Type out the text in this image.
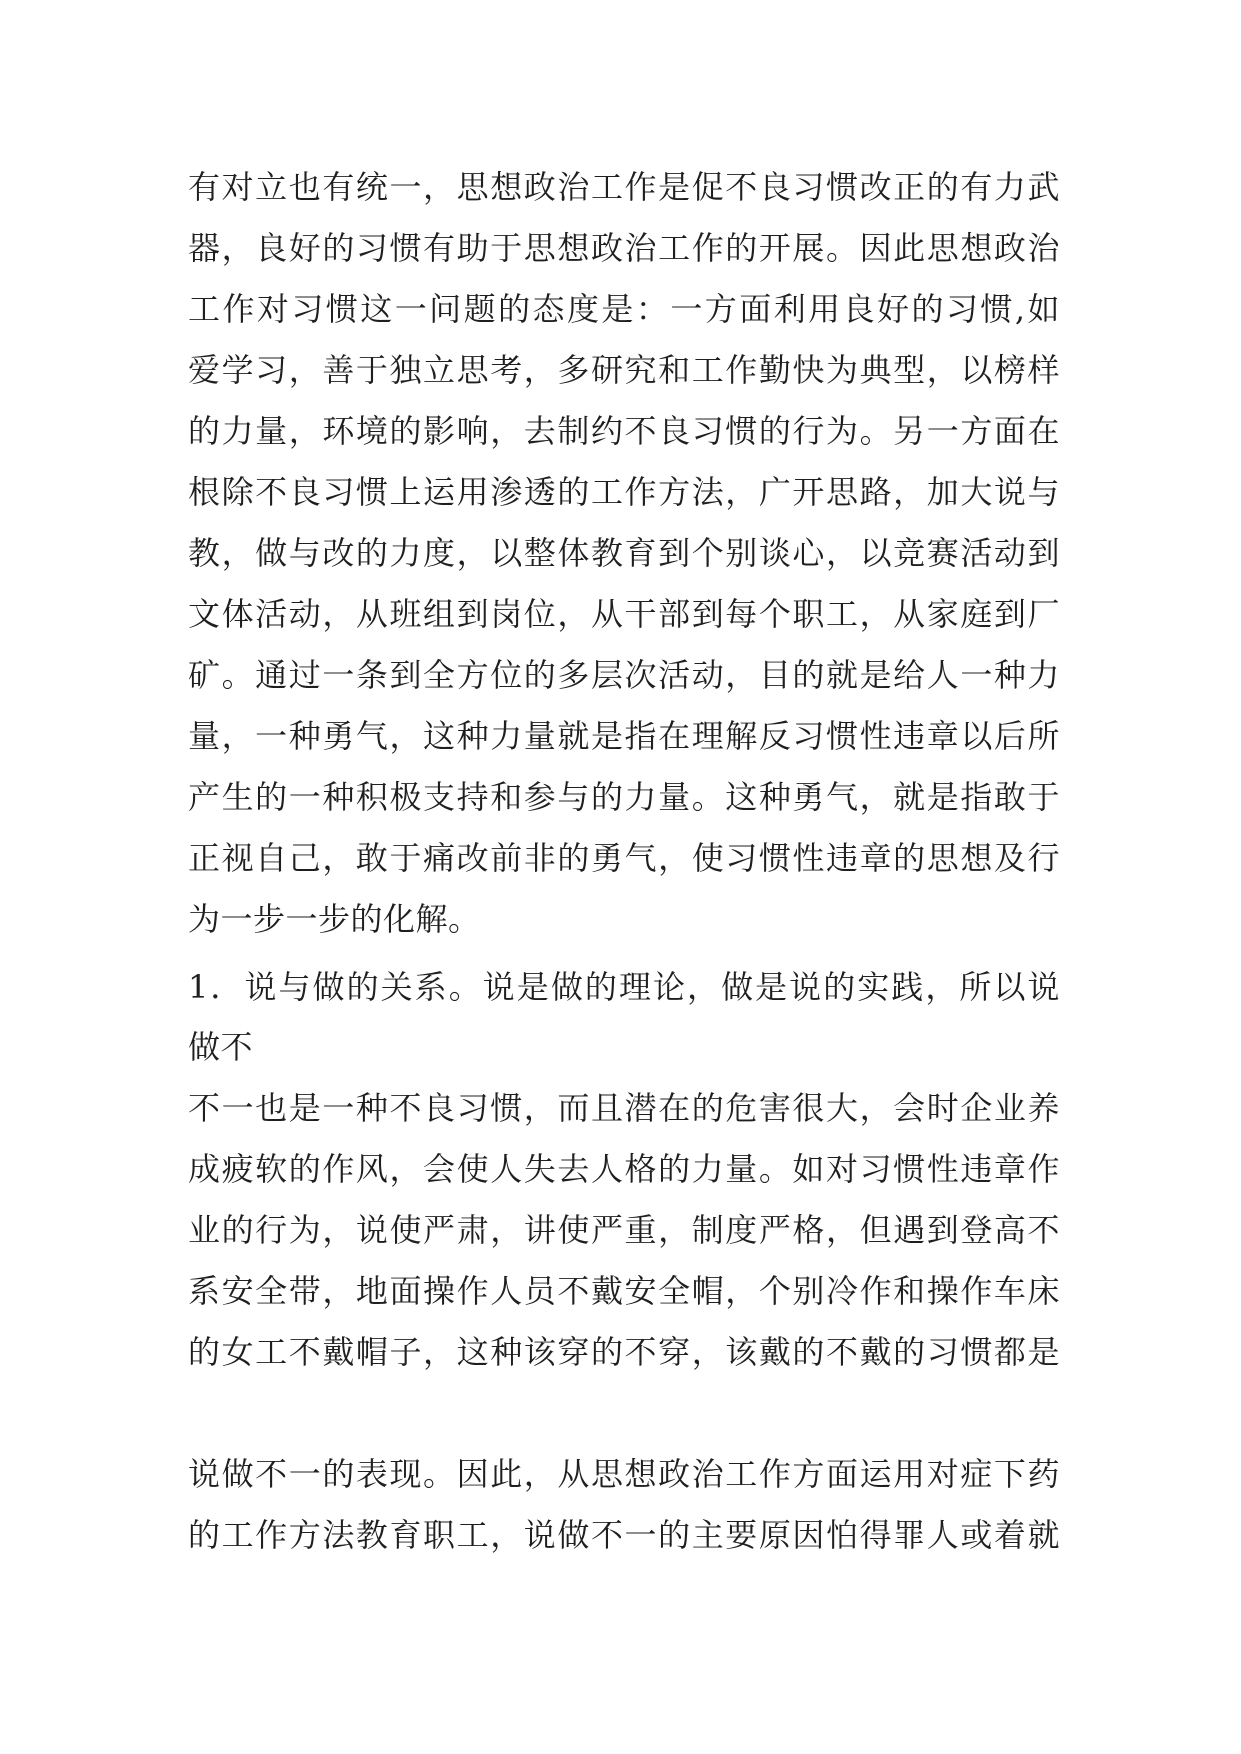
有对立也有统一，思想政治工作是促不良习惯改正的有力武
器，良好的习惯有助于思想政治工作的开展。因此思想政治
工作对习惯这一问题的态度是：一方面利用良好的习惯,如
爱学习，善于独立思考，多研究和工作勤快为典型，以榜样
的力量，环境的影响，去制约不良习惯的行为。另一方面在
根除不良习惯上运用渗透的工作方法，广开思路，加大说与
教，做与改的力度，以整体教育到个别谈心，以竞赛活动到
文体活动，从班组到岗位，从干部到每个职工，从家庭到厂
矿。通过一条到全方位的多层次活动，目的就是给人一种力
量，一种勇气，这种力量就是指在理解反习惯性违章以后所
产生的一种积极支持和参与的力量。这种勇气，就是指敢于
正视自己，敢于痛改前非的勇气，使习惯性违章的思想及行
为一步一步的化解。
1．说与做的关系。说是做的理论，做是说的实践，所以说
做不
不一也是一种不良习惯，而且潜在的危害很大，会时企业养
成疲软的作风，会使人失去人格的力量。如对习惯性违章作
业的行为，说使严肃，讲使严重，制度严格，但遇到登高不
系安全带，地面操作人员不戴安全帽，个别冷作和操作车床
的女工不戴帽子，这种该穿的不穿，该戴的不戴的习惯都是
说做不一的表现。因此，从思想政治工作方面运用对症下药
的工作方法教育职工，说做不一的主要原因怕得罪人或着就
